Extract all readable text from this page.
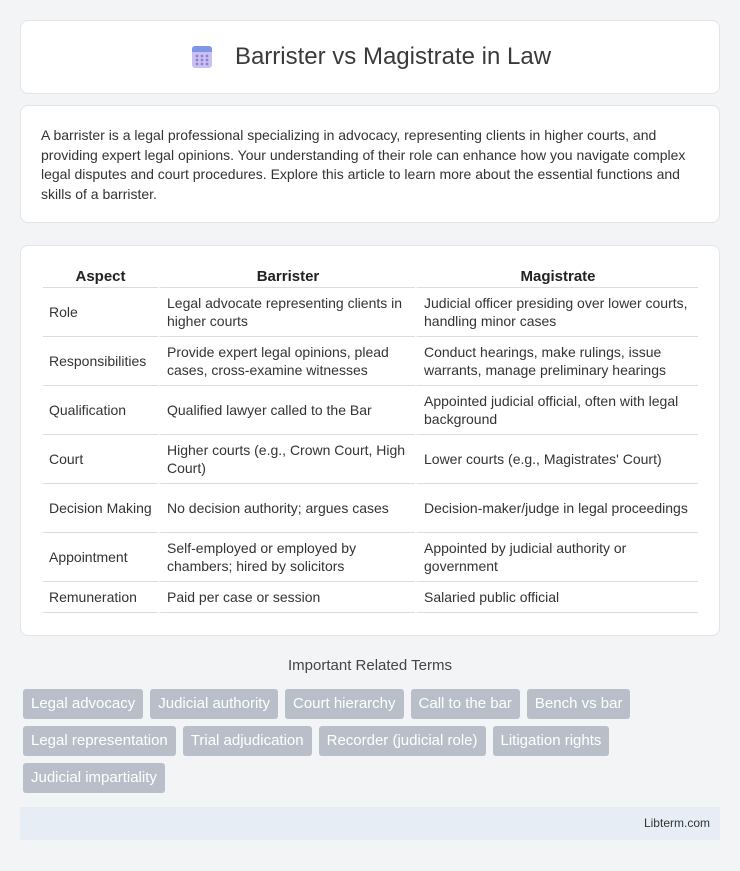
Barrister vs Magistrate in Law

A barrister is a legal professional specializing in advocacy, representing clients in higher courts, and providing expert legal opinions. Your understanding of their role can enhance how you navigate complex legal disputes and court procedures. Explore this article to learn more about the essential functions and skills of a barrister.

Aspect	Barrister	Magistrate
Role	Legal advocate representing clients in higher courts	Judicial officer presiding over lower courts, handling minor cases
Responsibilities	Provide expert legal opinions, plead cases, cross-examine witnesses	Conduct hearings, make rulings, issue warrants, manage preliminary hearings
Qualification	Qualified lawyer called to the Bar	Appointed judicial official, often with legal background
Court	Higher courts (e.g., Crown Court, High Court)	Lower courts (e.g., Magistrates' Court)
Decision Making	No decision authority; argues cases	Decision-maker/judge in legal proceedings
Appointment	Self-employed or employed by chambers; hired by solicitors	Appointed by judicial authority or government
Remuneration	Paid per case or session	Salaried public official
Important Related Terms
Legal advocacy	Judicial authority	Court hierarchy	Call to the bar	Bench vs bar
Legal representation	Trial adjudication	Recorder (judicial role)	Litigation rights
Judicial impartiality
Libterm.com
